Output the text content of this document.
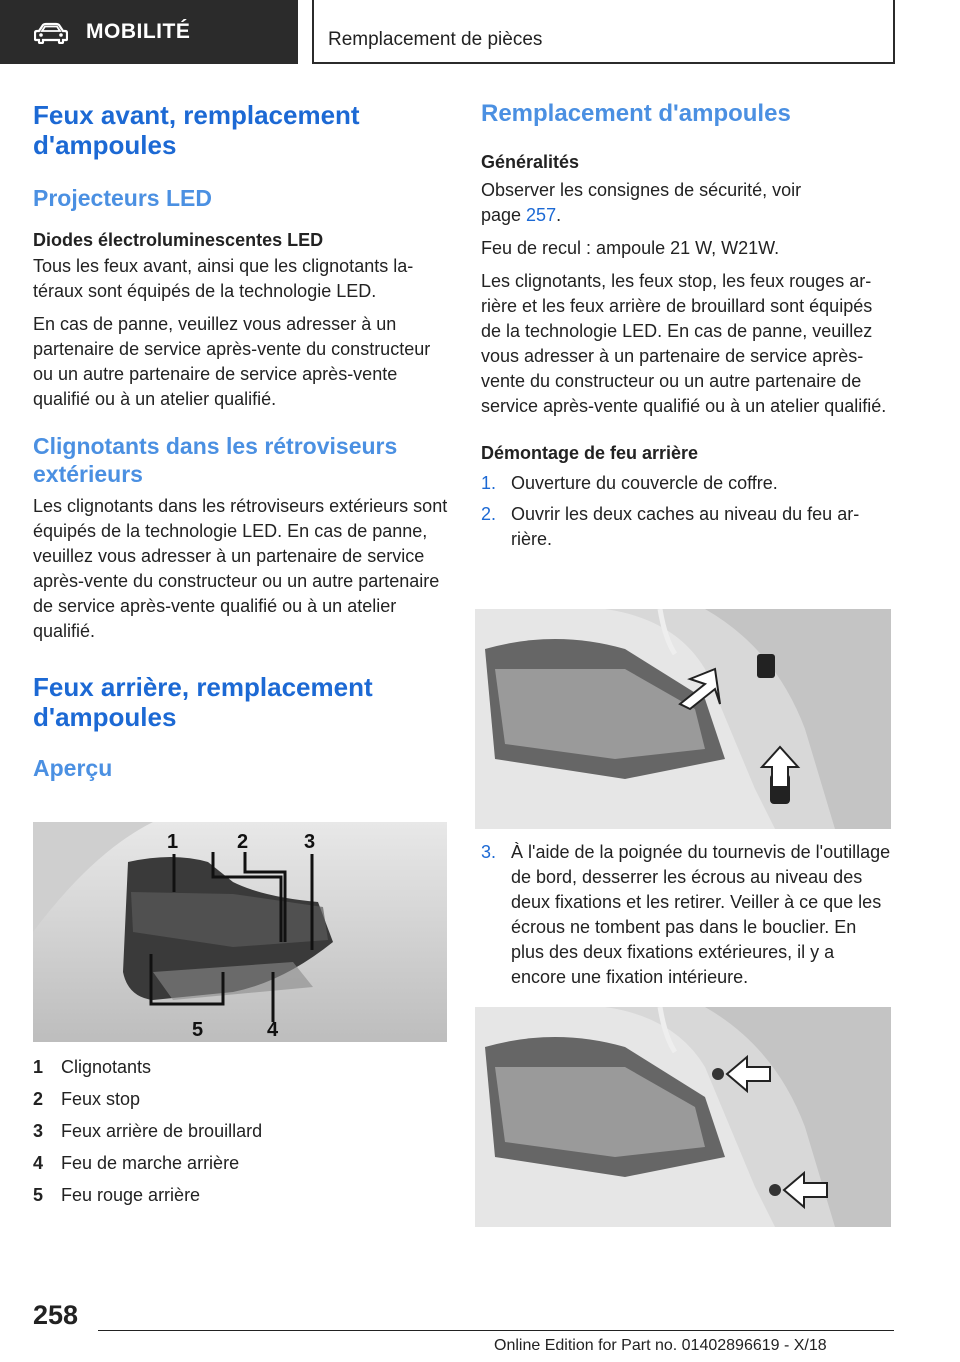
MOBILITÉ	Remplacement de pièces
Feux avant, remplacement d'ampoules
Projecteurs LED
Diodes électroluminescentes LED
Tous les feux avant, ainsi que les clignotants latéraux sont équipés de la technologie LED.
En cas de panne, veuillez vous adresser à un partenaire de service après-vente du constructeur ou un autre partenaire de service après-vente qualifié ou à un atelier qualifié.
Clignotants dans les rétroviseurs extérieurs
Les clignotants dans les rétroviseurs extérieurs sont équipés de la technologie LED. En cas de panne, veuillez vous adresser à un partenaire de service après-vente du constructeur ou un autre partenaire de service après-vente qualifié ou à un atelier qualifié.
Feux arrière, remplacement d'ampoules
Aperçu
1	2	3
4
5
1 Clignotants
2 Feux stop
3 Feux arrière de brouillard
4 Feu de marche arrière
5 Feu rouge arrière
Remplacement d'ampoules
Généralités
Observer les consignes de sécurité, voir page 257.
Feu de recul : ampoule 21 W, W21W.
Les clignotants, les feux stop, les feux rouges arrière et les feux arrière de brouillard sont équipés de la technologie LED. En cas de panne, veuillez vous adresser à un partenaire de service après-vente du constructeur ou un autre partenaire de service après-vente qualifié ou à un atelier qualifié.
Démontage de feu arrière
1. Ouverture du couvercle de coffre.
2. Ouvrir les deux caches au niveau du feu arrière.
3. À l'aide de la poignée du tournevis de l'outillage de bord, desserrer les écrous au niveau des deux fixations et les retirer. Veiller à ce que les écrous ne tombent pas dans le bouclier. En plus des deux fixations extérieures, il y a encore une fixation intérieure.
258
Online Edition for Part no. 01402896619 - X/18
